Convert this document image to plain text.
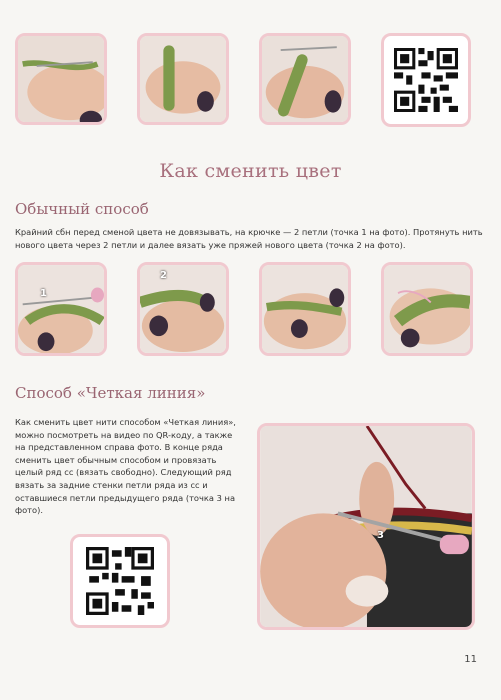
Как сменить цвет
Обычный способ
Крайний сбн перед сменой цвета не довязывать, на крючке — 2 петли (точка 1 на фото). Протянуть нить нового цвета через 2 петли и далее вязать уже пряжей нового цвета (точка 2 на фото).
1
2
Способ «Четкая линия»
Как сменить цвет нити способом «Четкая линия», можно посмотреть на видео по QR-коду, а также на представленном справа фото. В конце ряда сменить цвет обычным способом и провязать целый ряд сс (вязать свободно). Следующий ряд вязать за задние стенки петли ряда из сс и оставшиеся петли предыдущего ряда (точка 3 на фото).
3
11
